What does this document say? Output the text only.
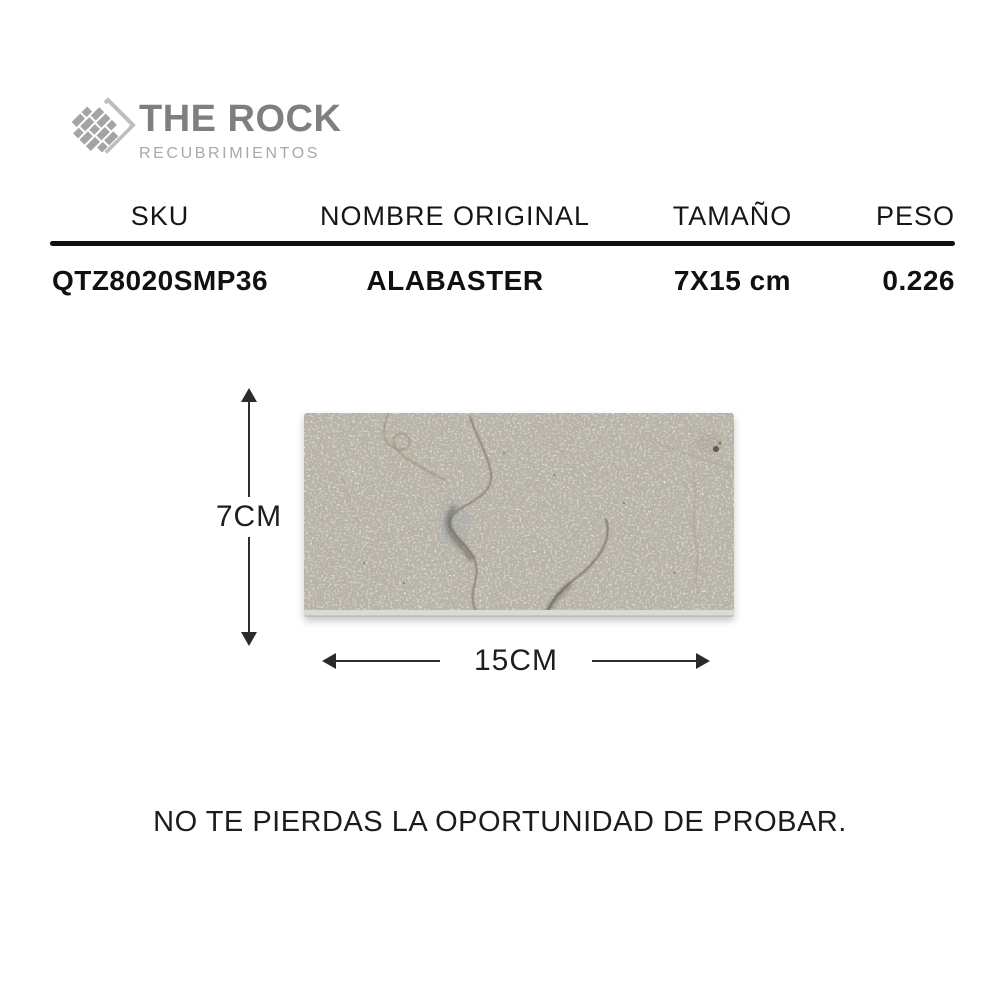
THE ROCK
RECUBRIMIENTOS
SKU	NOMBRE ORIGINAL	TAMAÑO	PESO
QTZ8020SMP36	ALABASTER	7X15 cm	0.226
7CM
15CM
NO TE PIERDAS LA OPORTUNIDAD DE PROBAR.
